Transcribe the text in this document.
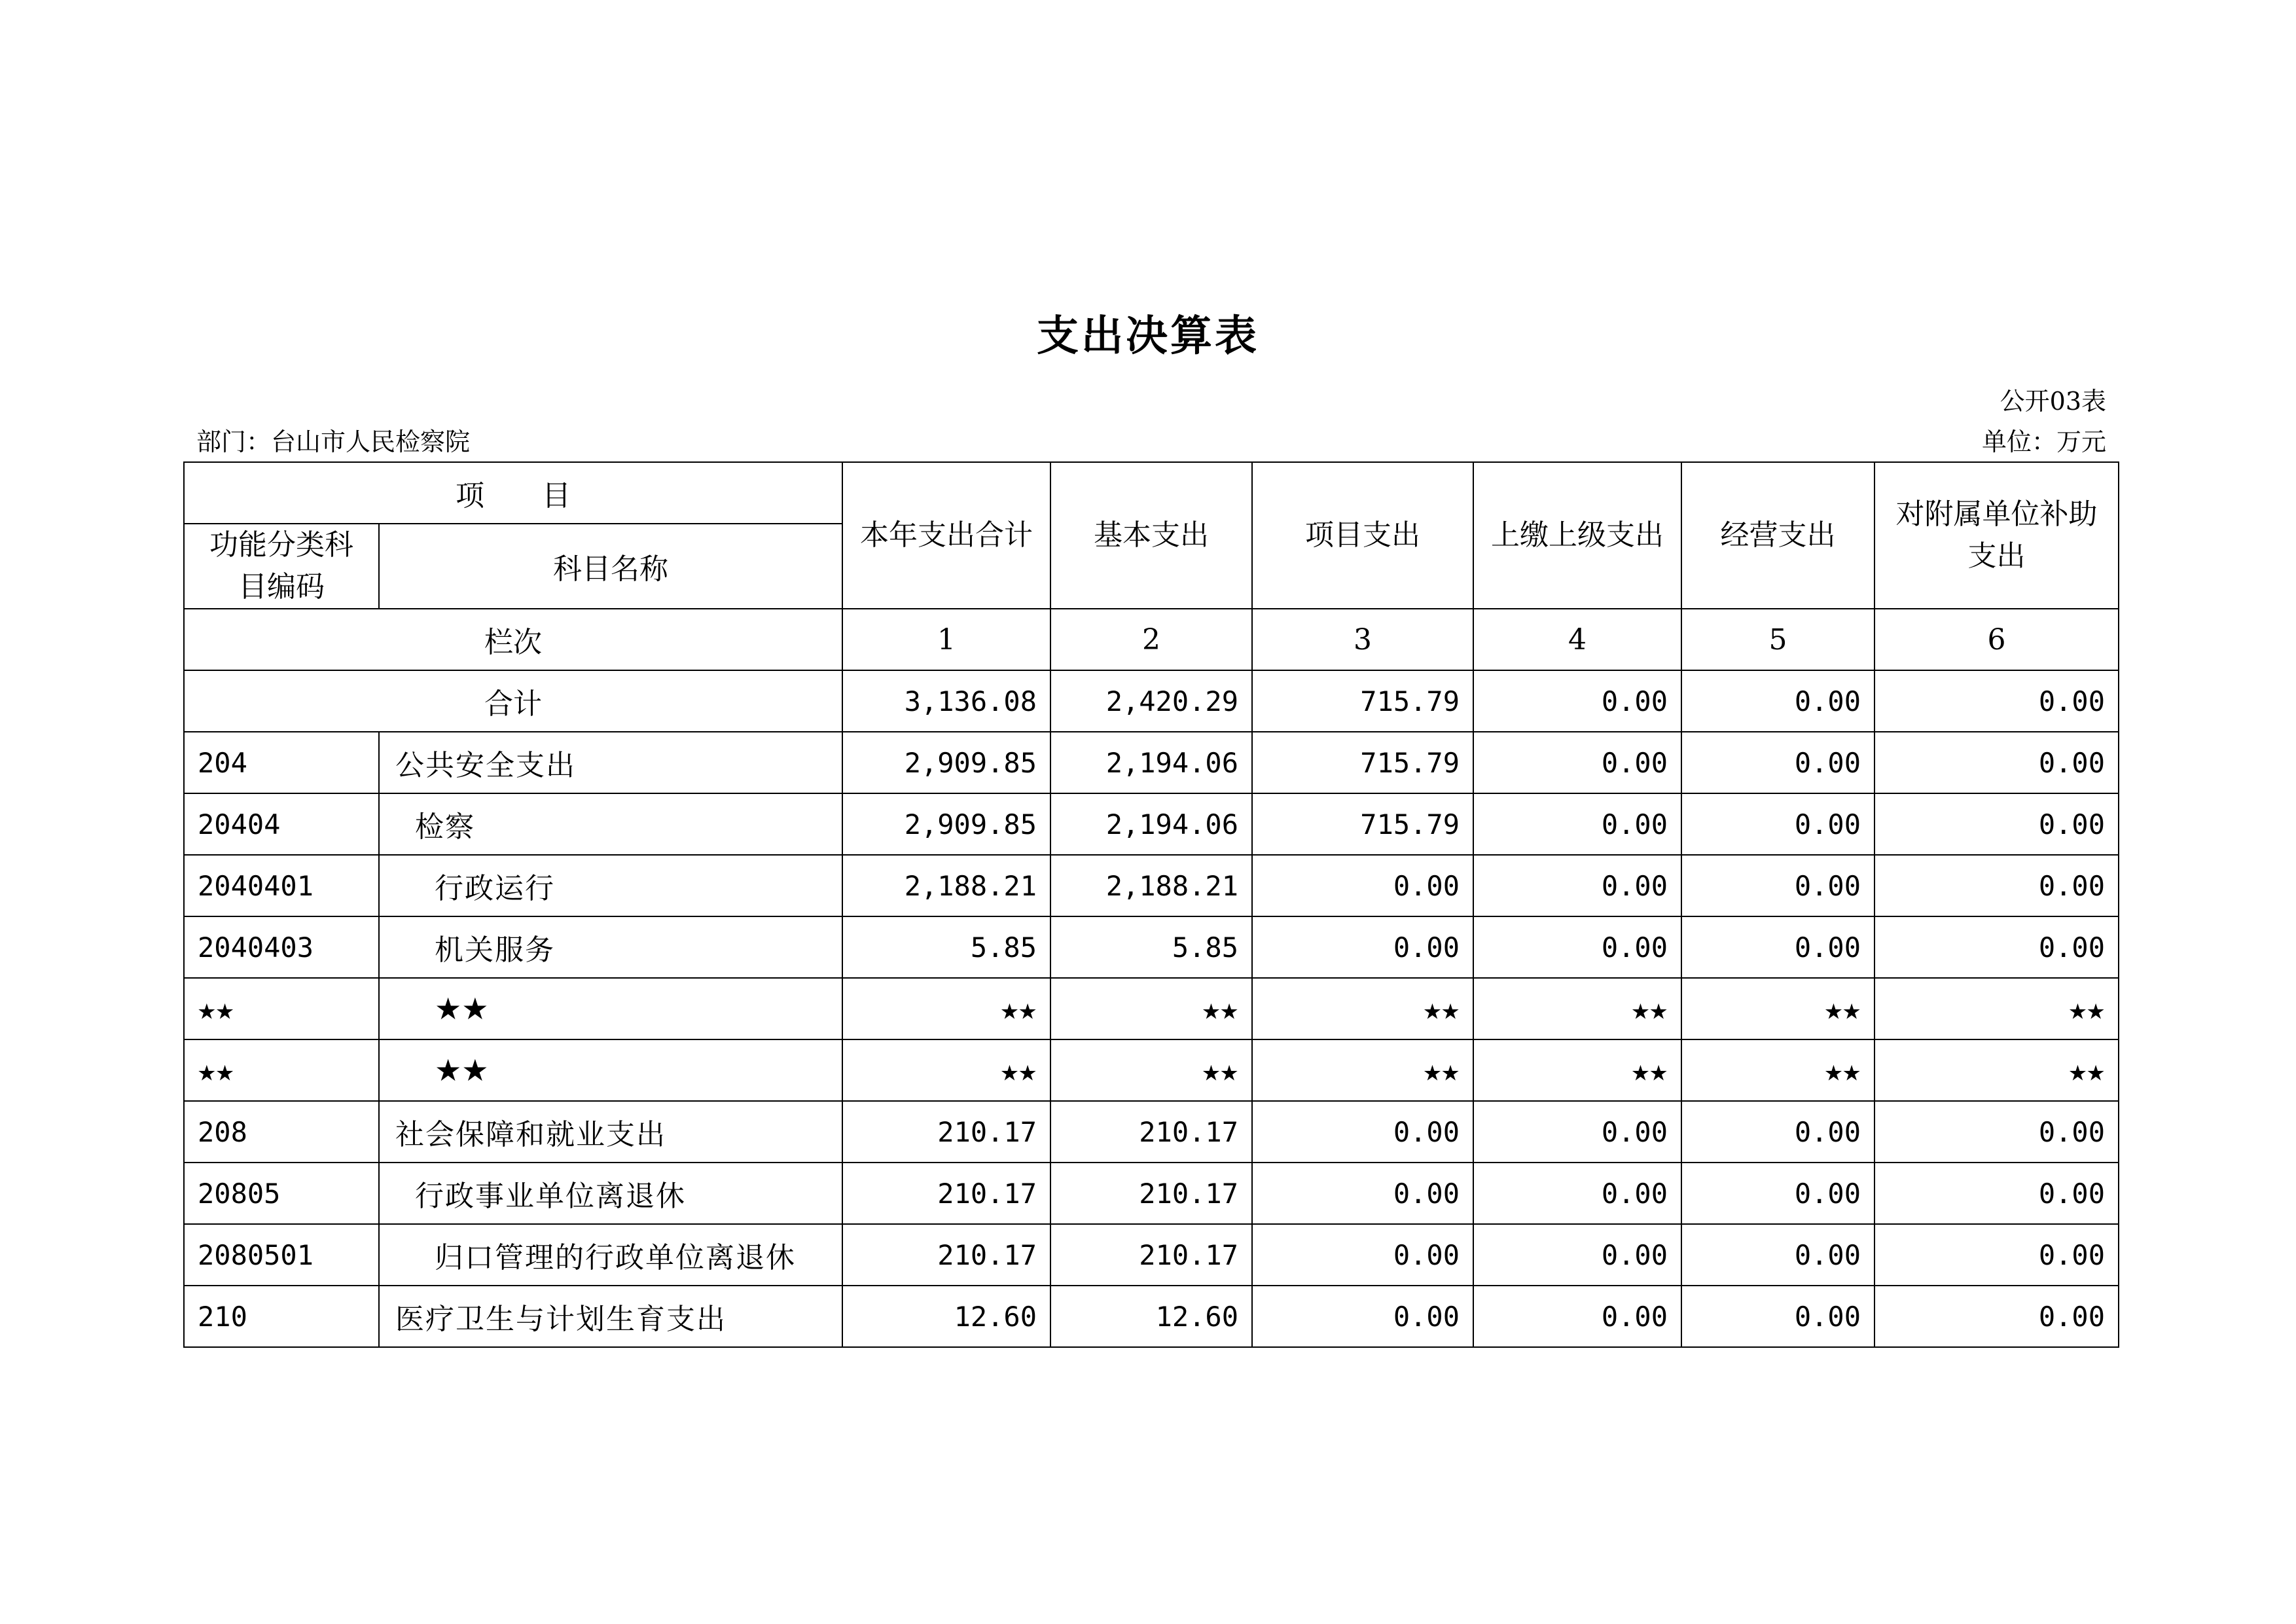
支出决算表
公开03表
部门：台山市人民检察院	单位：万元
项　　目		本年支出合计	基本支出	项目支出	上缴上级支出	经营支出	对附属单位补助支出
功能分类科目编码	科目名称						
栏次		1	2	3	4	5	6
合计		3,136.08	2,420.29	715.79	0.00	0.00	0.00
204	公共安全支出	2,909.85	2,194.06	715.79	0.00	0.00	0.00
20404	检察	2,909.85	2,194.06	715.79	0.00	0.00	0.00
2040401	行政运行	2,188.21	2,188.21	0.00	0.00	0.00	0.00
2040403	机关服务	5.85	5.85	0.00	0.00	0.00	0.00
★★	★★	★★	★★	★★	★★	★★	★★
★★	★★	★★	★★	★★	★★	★★	★★
208	社会保障和就业支出	210.17	210.17	0.00	0.00	0.00	0.00
20805	行政事业单位离退休	210.17	210.17	0.00	0.00	0.00	0.00
2080501	归口管理的行政单位离退休	210.17	210.17	0.00	0.00	0.00	0.00
210	医疗卫生与计划生育支出	12.60	12.60	0.00	0.00	0.00	0.00
